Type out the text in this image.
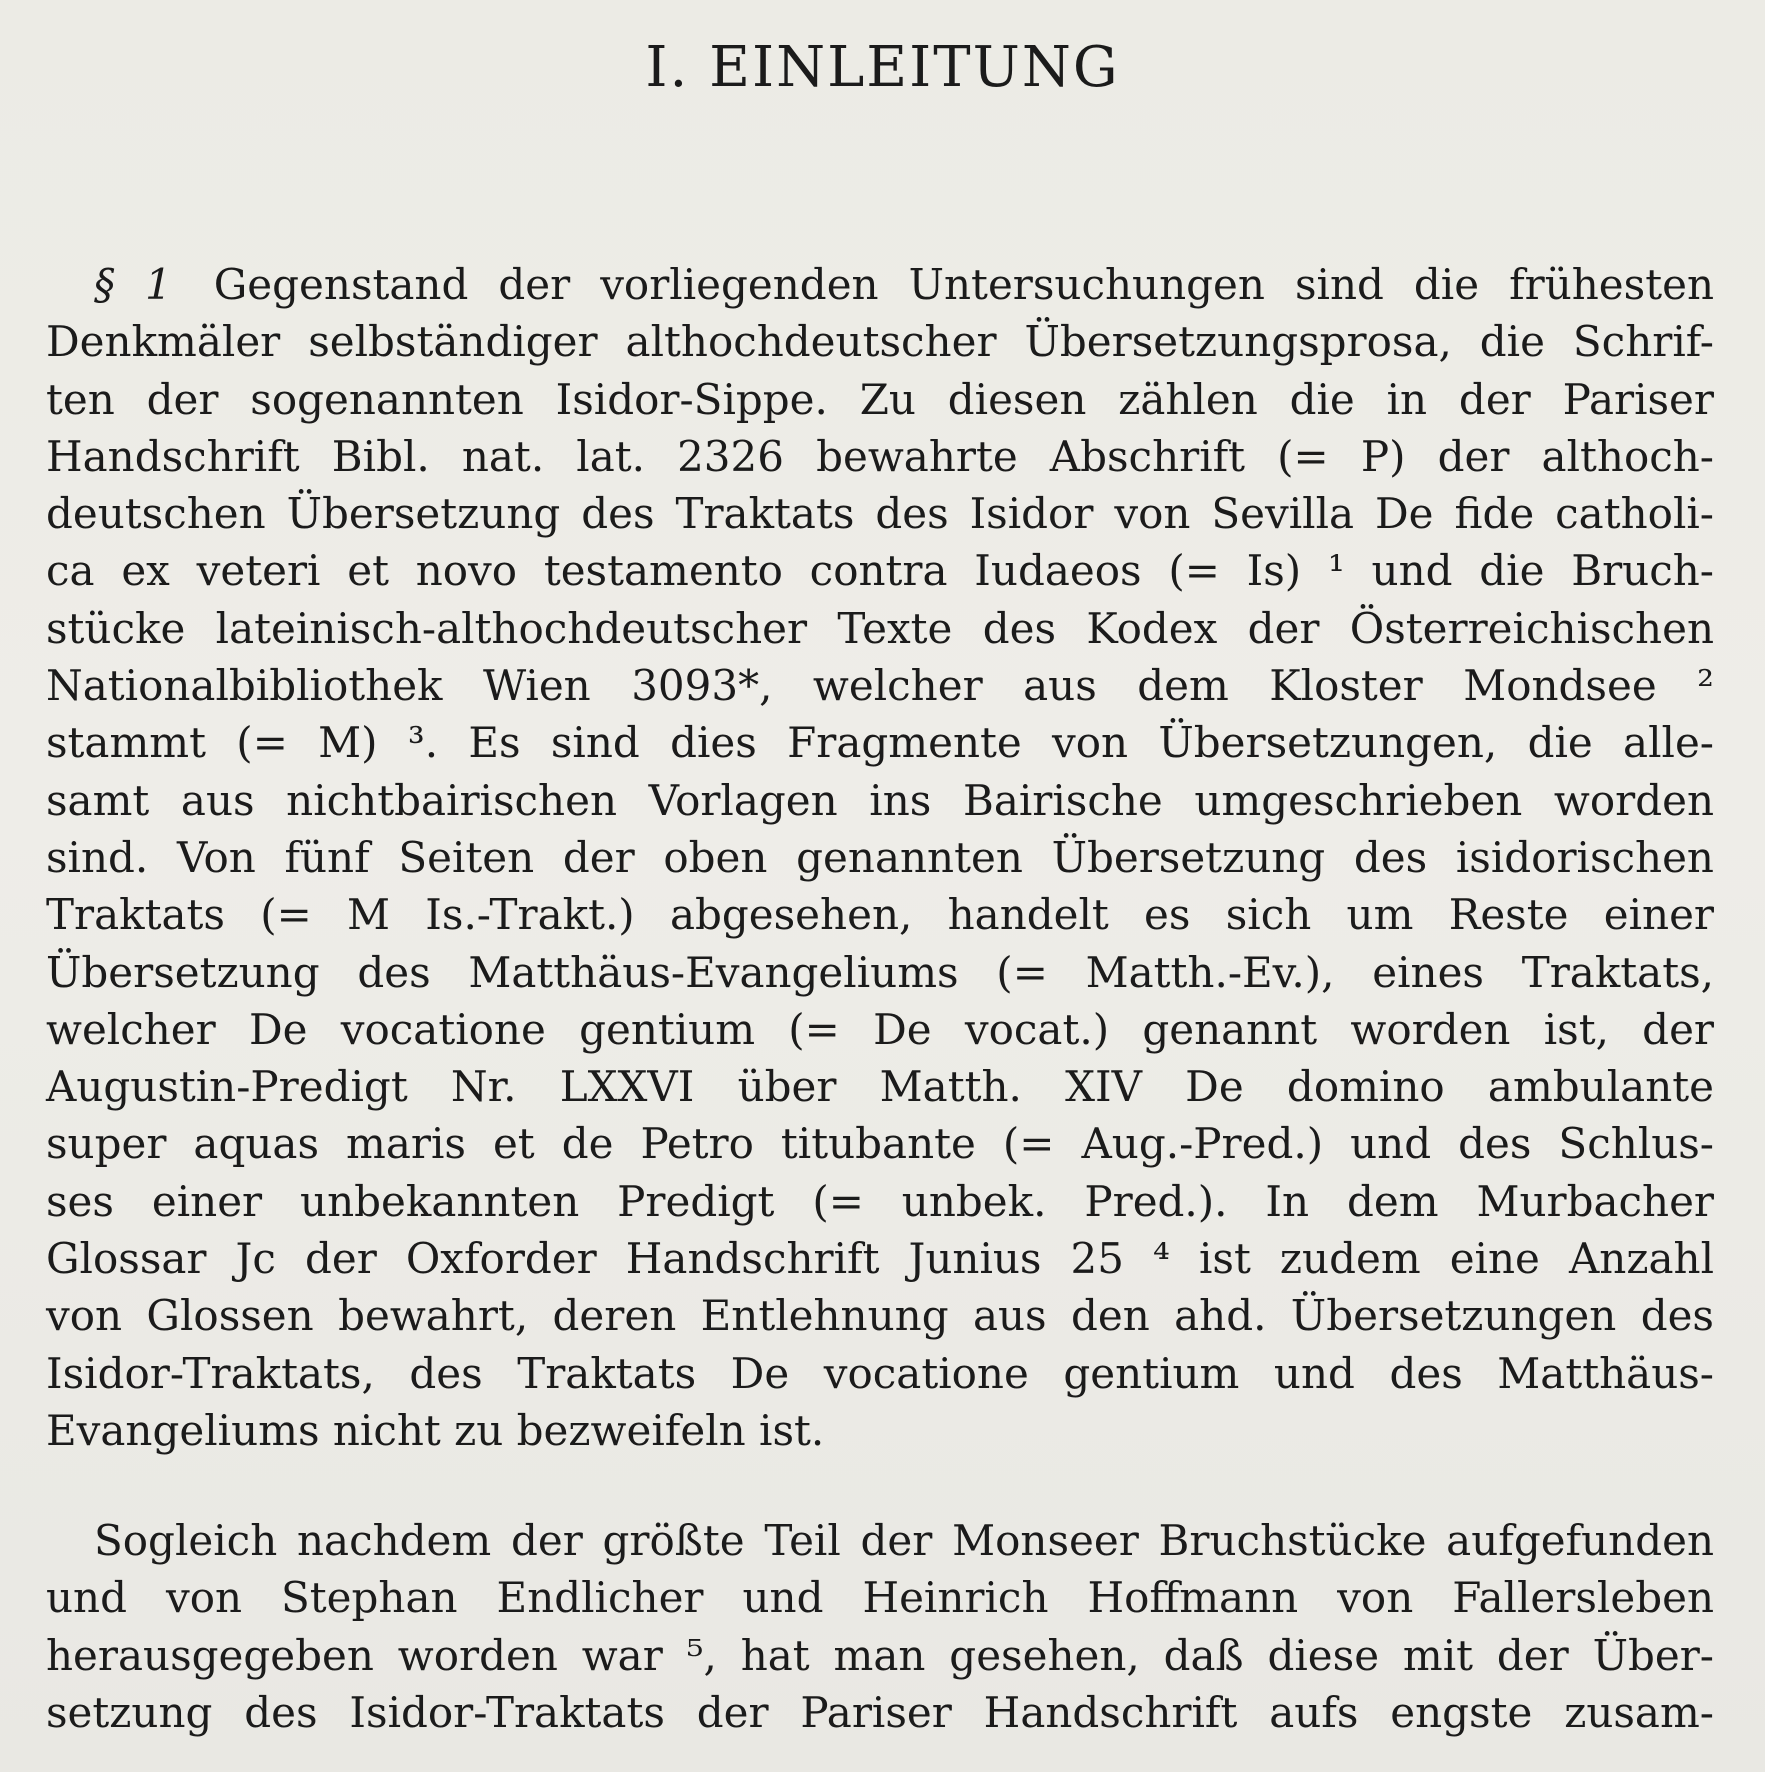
I. EINLEITUNG
§ 1  Gegenstand der vorliegenden Untersuchungen sind die frühesten
Denkmäler selbständiger althochdeutscher Übersetzungsprosa, die Schrif-
ten der sogenannten Isidor-Sippe. Zu diesen zählen die in der Pariser
Handschrift Bibl. nat. lat. 2326 bewahrte Abschrift (= P) der althoch-
deutschen Übersetzung des Traktats des Isidor von Sevilla De fide catholi-
ca ex veteri et novo testamento contra Iudaeos (= Is) ¹ und die Bruch-
stücke lateinisch-althochdeutscher Texte des Kodex der Österreichischen
Nationalbibliothek Wien 3093*, welcher aus dem Kloster Mondsee ²
stammt (= M) ³. Es sind dies Fragmente von Übersetzungen, die alle-
samt aus nichtbairischen Vorlagen ins Bairische umgeschrieben worden
sind. Von fünf Seiten der oben genannten Übersetzung des isidorischen
Traktats (= M Is.-Trakt.) abgesehen, handelt es sich um Reste einer
Übersetzung des Matthäus-Evangeliums (= Matth.-Ev.), eines Traktats,
welcher De vocatione gentium (= De vocat.) genannt worden ist, der
Augustin-Predigt Nr. LXXVI über Matth. XIV De domino ambulante
super aquas maris et de Petro titubante (= Aug.-Pred.) und des Schlus-
ses einer unbekannten Predigt (= unbek. Pred.). In dem Murbacher
Glossar Jc der Oxforder Handschrift Junius 25 ⁴ ist zudem eine Anzahl
von Glossen bewahrt, deren Entlehnung aus den ahd. Übersetzungen des
Isidor-Traktats, des Traktats De vocatione gentium und des Matthäus-
Evangeliums nicht zu bezweifeln ist.
Sogleich nachdem der größte Teil der Monseer Bruchstücke aufgefunden
und von Stephan Endlicher und Heinrich Hoffmann von Fallersleben
herausgegeben worden war ⁵, hat man gesehen, daß diese mit der Über-
setzung des Isidor-Traktats der Pariser Handschrift aufs engste zusam-
